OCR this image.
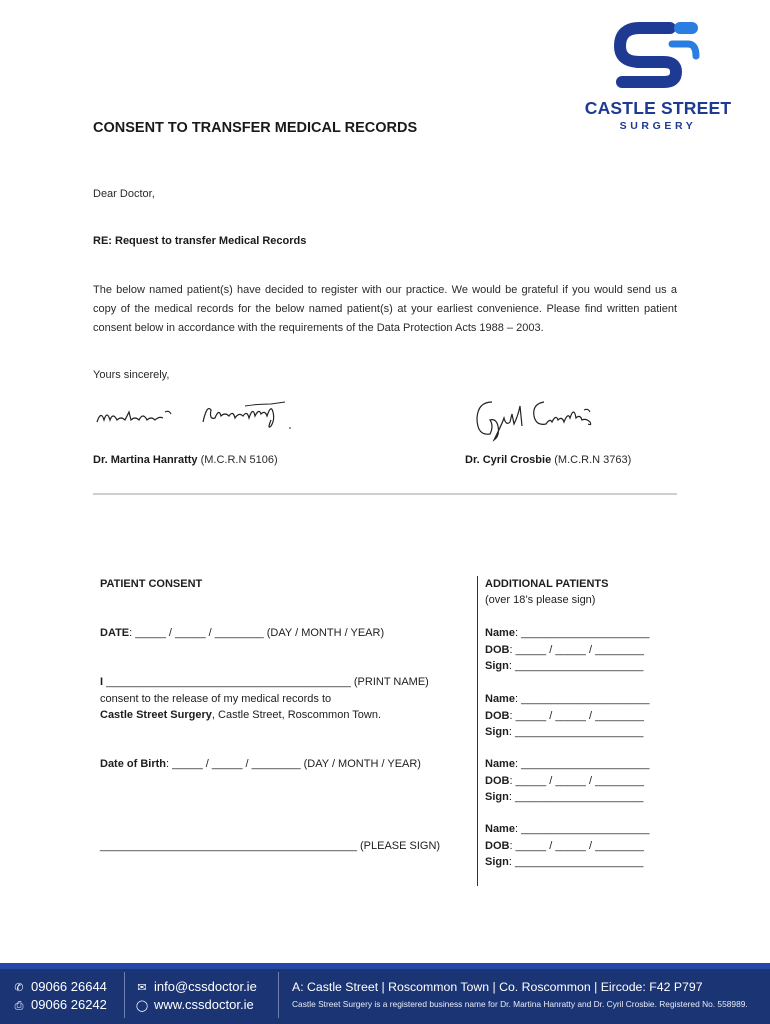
CONSENT TO TRANSFER MEDICAL RECORDS
CASTLE STREET
SURGERY
Dear Doctor,
RE: Request to transfer Medical Records
The below named patient(s) have decided to register with our practice. We would be grateful if you would send us a copy of the medical records for the below named patient(s) at your earliest convenience. Please find written patient consent below in accordance with the requirements of the Data Protection Acts 1988 – 2003.
Yours sincerely,
Dr. Martina Hanratty (M.C.R.N 5106)	Dr. Cyril Crosbie (M.C.R.N 3763)
PATIENT CONSENT
DATE: _____ / _____ / ________ (DAY / MONTH / YEAR)
I ________________________________________ (PRINT NAME)
consent to the release of my medical records to
Castle Street Surgery, Castle Street, Roscommon Town.
Date of Birth: _____ / _____ / ________ (DAY / MONTH / YEAR)
__________________________________________ (PLEASE SIGN)
ADDITIONAL PATIENTS
(over 18’s please sign)
Name: _____________________
DOB: _____ / _____ / ________
Sign: _____________________
Name: _____________________
DOB: _____ / _____ / ________
Sign: _____________________
Name: _____________________
DOB: _____ / _____ / ________
Sign: _____________________
Name: _____________________
DOB: _____ / _____ / ________
Sign: _____________________
✆ 09066 26644
⎙ 09066 26242
✉ info@cssdoctor.ie
◯ www.cssdoctor.ie
A: Castle Street | Roscommon Town | Co. Roscommon | Eircode: F42 P797
Castle Street Surgery is a registered business name for Dr. Martina Hanratty and Dr. Cyril Crosbie. Registered No. 558989.
